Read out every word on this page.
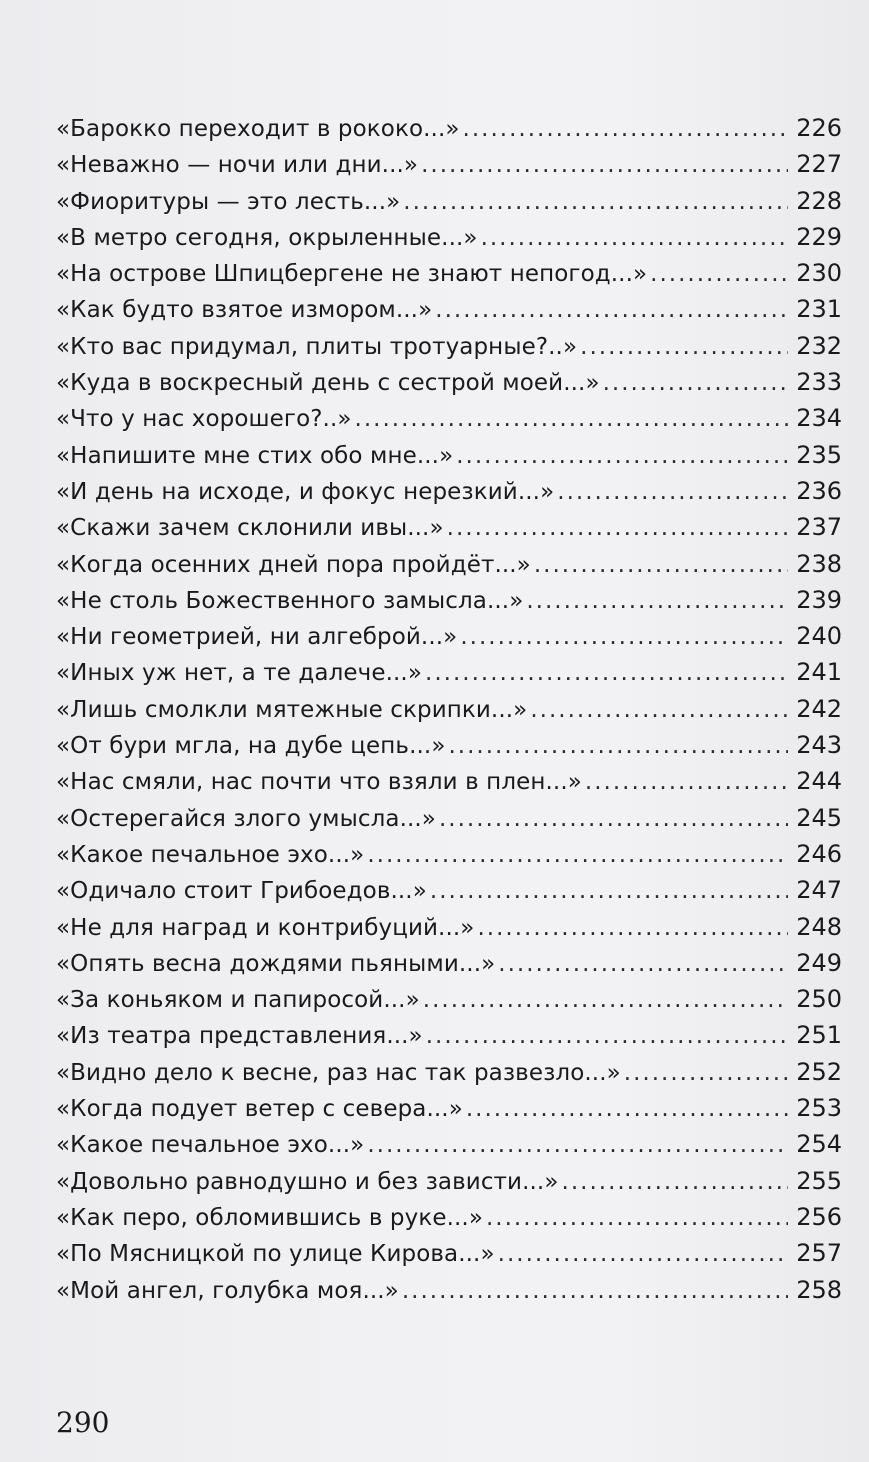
«Барокко переходит в рококо...» .....	226
«Неважно — ночи или дни...» .....	227
«Фиоритуры — это лесть...» .....	228
«В метро сегодня, окрыленные...» .....	229
«На острове Шпицбергене не знают непогод...» .....	230
«Как будто взятое измором...» .....	231
«Кто вас придумал, плиты тротуарные?..» .....	232
«Куда в воскресный день с сестрой моей...» .....	233
«Что у нас хорошего?..» .....	234
«Напишите мне стих обо мне...» .....	235
«И день на исходе, и фокус нерезкий...» .....	236
«Скажи зачем склонили ивы...» .....	237
«Когда осенних дней пора пройдёт...» .....	238
«Не столь Божественного замысла...» .....	239
«Ни геометрией, ни алгеброй...» .....	240
«Иных уж нет, а те далече...» .....	241
«Лишь смолкли мятежные скрипки...» .....	242
«От бури мгла, на дубе цепь...» .....	243
«Нас смяли, нас почти что взяли в плен...» .....	244
«Остерегайся злого умысла...» .....	245
«Какое печальное эхо...» .....	246
«Одичало стоит Грибоедов...» .....	247
«Не для наград и контрибуций...» .....	248
«Опять весна дождями пьяными...» .....	249
«За коньяком и папиросой...» .....	250
«Из театра представления...» .....	251
«Видно дело к весне, раз нас так развезло...» .....	252
«Когда подует ветер с севера...» .....	253
«Какое печальное эхо...» .....	254
«Довольно равнодушно и без зависти...» .....	255
«Как перо, обломившись в руке...» .....	256
«По Мясницкой по улице Кирова...» .....	257
«Мой ангел, голубка моя...» .....	258
290
